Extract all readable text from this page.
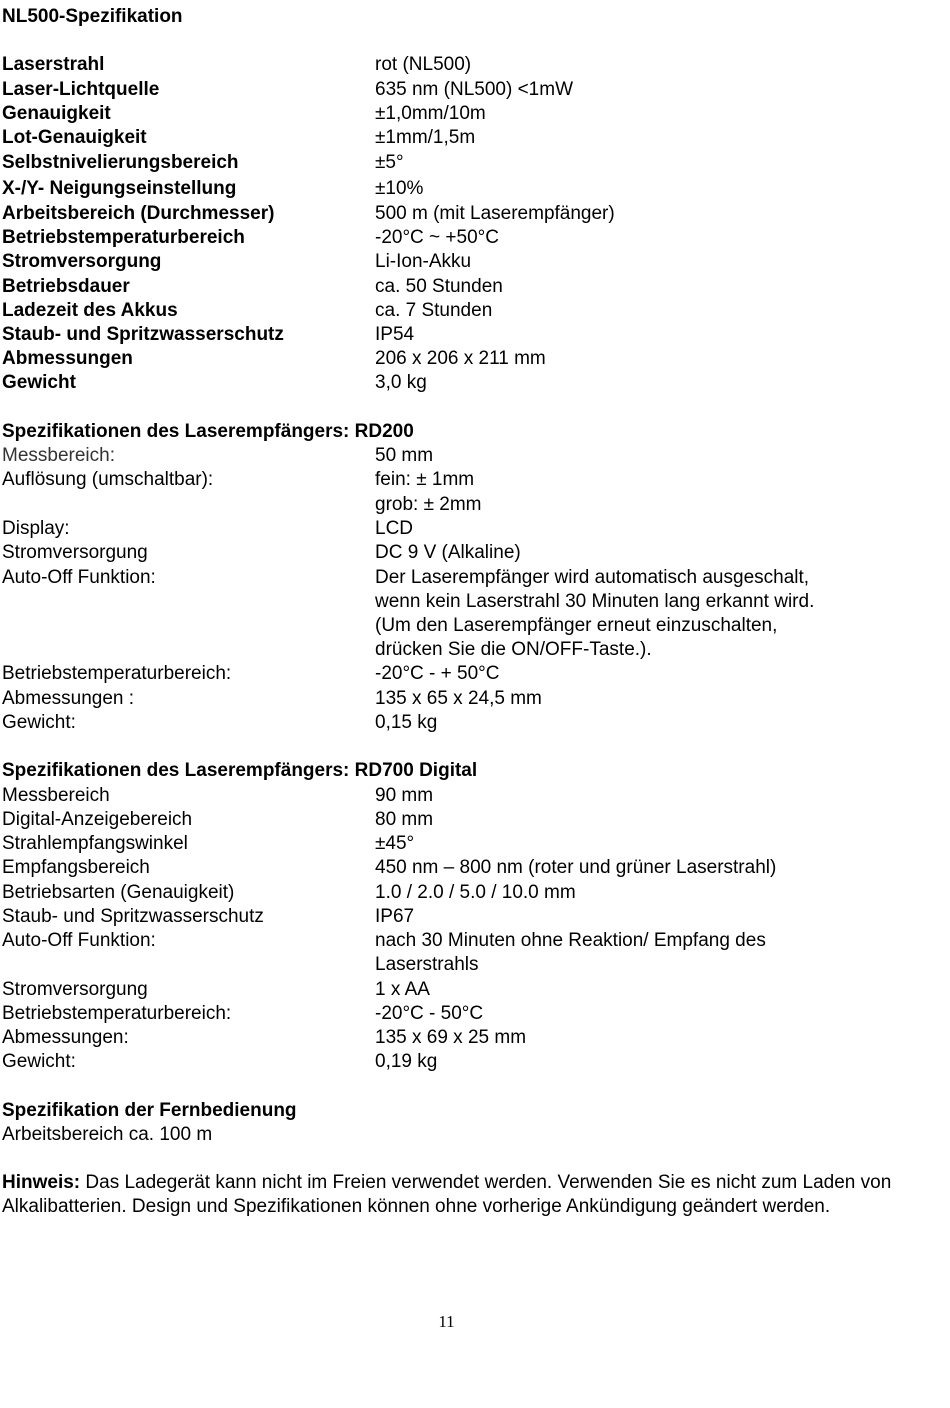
NL500-Spezifikation
Laserstrahl	rot (NL500)
Laser-Lichtquelle	635 nm (NL500) <1mW
Genauigkeit	±1,0mm/10m
Lot-Genauigkeit	±1mm/1,5m
Selbstnivelierungsbereich	±5°
X-/Y- Neigungseinstellung	±10%
Arbeitsbereich (Durchmesser)	500 m (mit Laserempfänger)
Betriebstemperaturbereich	-20°C ~ +50°C
Stromversorgung	Li-Ion-Akku
Betriebsdauer	ca. 50 Stunden
Ladezeit des Akkus	ca. 7 Stunden
Staub- und Spritzwasserschutz	IP54
Abmessungen	206 x 206 x 211 mm
Gewicht	3,0 kg
Spezifikationen des Laserempfängers: RD200
Messbereich:	50 mm
Auflösung (umschaltbar):	fein: ± 1mm
grob: ± 2mm
Display:	LCD
Stromversorgung	DC 9 V (Alkaline)
Auto-Off Funktion:	Der Laserempfänger wird automatisch ausgeschalt,
wenn kein Laserstrahl 30 Minuten lang erkannt wird.
(Um den Laserempfänger erneut einzuschalten,
drücken Sie die ON/OFF-Taste.).
Betriebstemperaturbereich:	-20°C - + 50°C
Abmessungen :	135 x 65 x 24,5 mm
Gewicht:	0,15 kg
Spezifikationen des Laserempfängers: RD700 Digital
Messbereich	90 mm
Digital-Anzeigebereich	80 mm
Strahlempfangswinkel	±45°
Empfangsbereich	450 nm – 800 nm (roter und grüner Laserstrahl)
Betriebsarten (Genauigkeit)	1.0 / 2.0 / 5.0 / 10.0 mm
Staub- und Spritzwasserschutz	IP67
Auto-Off Funktion:	nach 30 Minuten ohne Reaktion/ Empfang des
Laserstrahls
Stromversorgung	1 x AA
Betriebstemperaturbereich:	-20°C - 50°C
Abmessungen:	135 x 69 x 25 mm
Gewicht:	0,19 kg
Spezifikation der Fernbedienung
Arbeitsbereich ca. 100 m
Hinweis: Das Ladegerät kann nicht im Freien verwendet werden. Verwenden Sie es nicht zum Laden von Alkalibatterien. Design und Spezifikationen können ohne vorherige Ankündigung geändert werden.
11
